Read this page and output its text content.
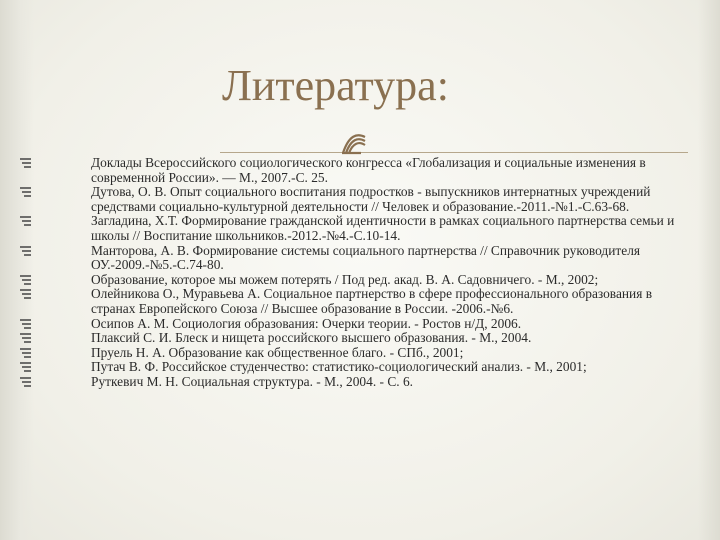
Литература:
Доклады Всероссийского социологического конгресса «Глобализация и социальные изменения в современной России». — М., 2007.-С. 25.
Дутова, О. В. Опыт социального воспитания подростков - выпускников интернатных учреждений средствами социально-культурной деятельности // Человек и образование.-2011.-№1.-С.63-68.
Загладина, Х.Т. Формирование гражданской идентичности в рамках социального партнерства семьи и школы // Воспитание школьников.-2012.-№4.-С.10-14.
Манторова, А. В. Формирование системы социального партнерства // Справочник руководителя ОУ.-2009.-№5.-С.74-80.
Образование, которое мы можем потерять / Под ред. акад. В. А. Садовничего. - М., 2002;
Олейникова О., Муравьева А. Социальное партнерство в сфере профессионального образования в странах Европейского Союза // Высшее образование в России. -2006.-№6.
Осипов А. М. Социология образования: Очерки теории. - Ростов н/Д, 2006.
Плаксий С. И. Блеск и нищета российского высшего образования. - М., 2004.
Пруель Н. А. Образование как общественное благо. - СПб., 2001;
Путач В. Ф. Российское студенчество: статистико-социологический анализ. - М., 2001;
Руткевич М. Н. Социальная структура. - М., 2004. - С. 6.
